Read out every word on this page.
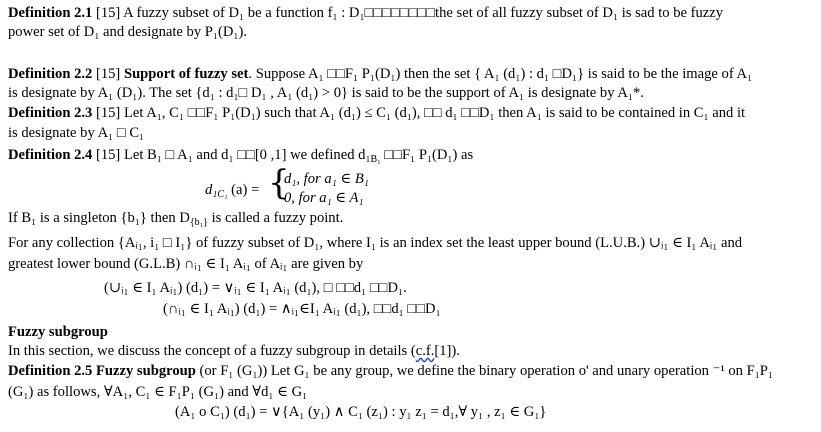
Definition 2.1 [15] A fuzzy subset of D₁ be a function f₁ : D₁□□□□□□□□the set of all fuzzy subset of D₁ is sad to be fuzzy
power set of D₁ and designate by P₁(D₁).
Definition 2.2 [15] Support of fuzzy set. Suppose A₁ □□F₁ P₁(D₁) then the set { A₁ (d₁) : d₁ □D₁} is said to be the image of A₁
is designate by A₁ (D₁). The set {d₁ : d₁□ D₁ , A₁ (d₁) > 0} is said to be the support of A₁ is designate by A₁*.
Definition 2.3 [15] Let A₁, C₁ □□F₁ P₁(D₁) such that A₁ (d₁) ≤ C₁ (d₁), □□ d₁ □□D₁ then A₁ is said to be contained in C₁ and it
is designate by A₁ □ C₁
Definition 2.4 [15] Let B₁ □ A₁ and d₁ □□[0 ,1] we defined $d_1_{B_1}$ □□F₁ P₁(D₁) as
$d_1_{C_1}$ (a) = {
d₁, for a₁ ∈ B₁
0, for a₁ ∈ A₁
If B₁ is a singleton {b₁} then $D_{\{b_1\}}$ is called a fuzzy point.
For any collection {Aᵢ₁, i₁ □ I₁} of fuzzy subset of D₁, where I₁ is an index set the least upper bound (L.U.B.) ∪ᵢ₁ ∈ I₁ Aᵢ₁ and
greatest lower bound (G.L.B) ∩ᵢ₁ ∈ I₁ Aᵢ₁ of Aᵢ₁ are given by
(∪ᵢ₁ ∈ I₁ Aᵢ₁) (d₁) = ∨ᵢ₁ ∈ I₁ Aᵢ₁ (d₁), □ □□d₁ □□D₁.
(∩ᵢ₁ ∈ I₁ Aᵢ₁) (d₁) = ∧ᵢ₁∈I₁ Aᵢ₁ (d₁), □□d₁ □□D₁
Fuzzy subgroup
In this section, we discuss the concept of a fuzzy subgroup in details (c.f.[1]).
Definition 2.5 Fuzzy subgroup (or F₁ (G₁)) Let G₁ be any group, we define the binary operation o' and unary operation ⁻¹ on F₁P₁
(G₁) as follows, ∀A₁, C₁ ∈ F₁P₁ (G₁) and ∀d₁ ∈ G₁
(A₁ o C₁) (d₁) = ∨{A₁ (y₁) ∧ C₁ (z₁) : y₁ z₁ = d₁,∀ y₁ , z₁ ∈ G₁}
